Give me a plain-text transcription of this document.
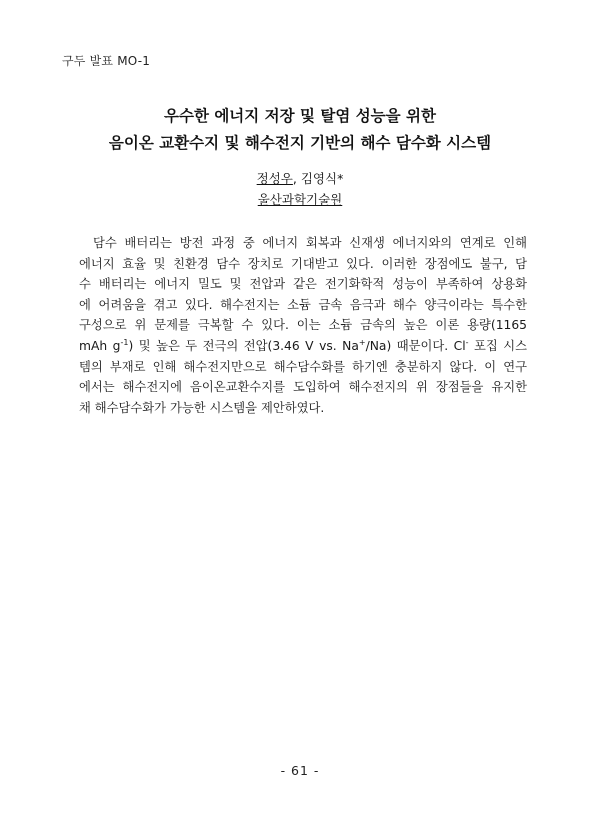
구두 발표 MO-1
우수한 에너지 저장 및 탈염 성능을 위한
음이온 교환수지 및 해수전지 기반의 해수 담수화 시스템
정성우, 김영식*
울산과학기술원
담수 배터리는 방전 과정 중 에너지 회복과 신재생 에너지와의 연계로 인해
에너지 효율 및 친환경 담수 장치로 기대받고 있다. 이러한 장점에도 불구, 담
수 배터리는 에너지 밀도 및 전압과 같은 전기화학적 성능이 부족하여 상용화
에 어려움을 겪고 있다. 해수전지는 소듐 금속 음극과 해수 양극이라는 특수한
구성으로 위 문제를 극복할 수 있다. 이는 소듐 금속의 높은 이론 용량(1165
mAh $g^{-1}$) 및 높은 두 전극의 전압(3.46 V vs. Na+/Na) 때문이다. Cl- 포집 시스
템의 부재로 인해 해수전지만으로 해수담수화를 하기엔 충분하지 않다. 이 연구
에서는 해수전지에 음이온교환수지를 도입하여 해수전지의 위 장점들을 유지한
채 해수담수화가 가능한 시스템을 제안하였다.
- 61 -
